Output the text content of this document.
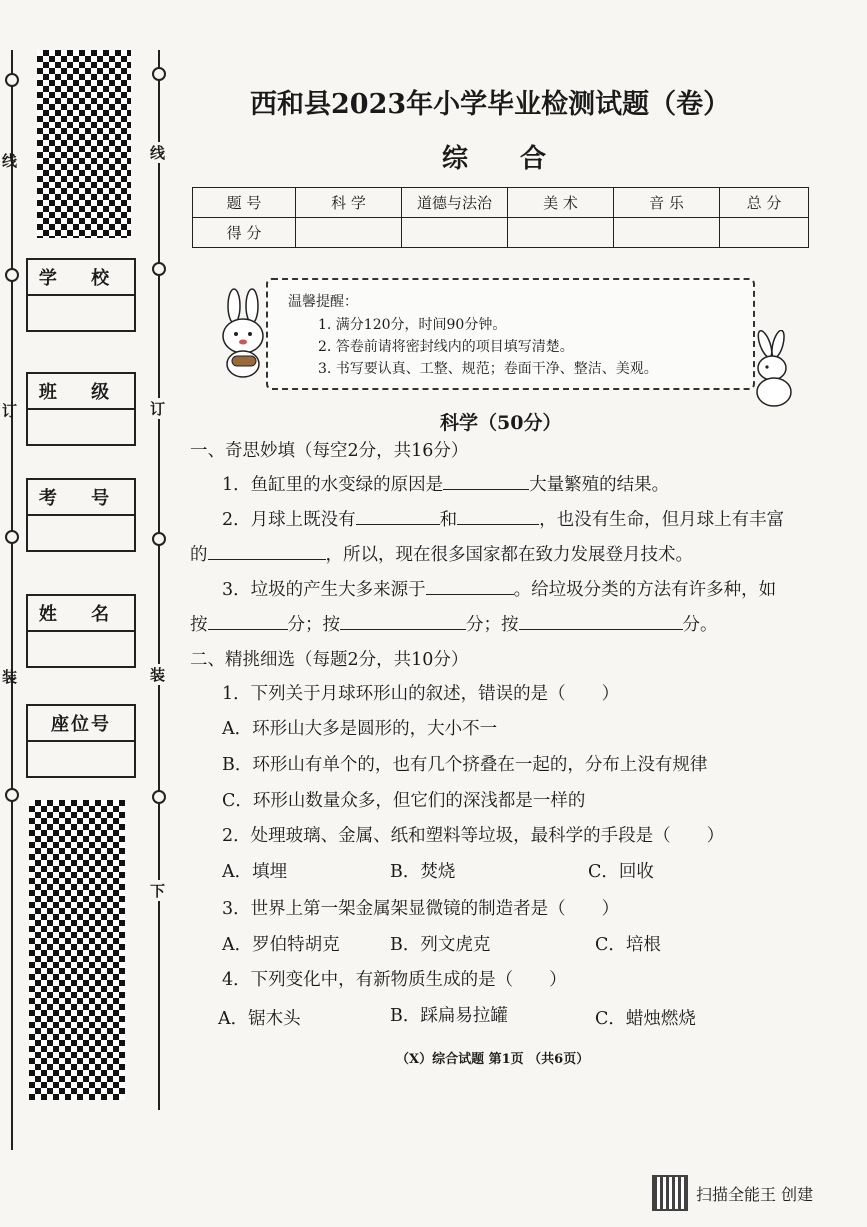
线
订
装
线
订
装
下
学 校
班 级
考 号
姓 名
座位号
西和县2023年小学毕业检测试题（卷）
综　　合
题 号	科 学	道德与法治	美 术	音 乐	总 分
得 分					
温馨提醒：
1. 满分120分，时间90分钟。
2. 答卷前请将密封线内的项目填写清楚。
3. 书写要认真、工整、规范；卷面干净、整洁、美观。
科学（50分）
一、奇思妙填（每空2分，共16分）
1．鱼缸里的水变绿的原因是	大量繁殖的结果。
2．月球上既没有	和	，也没有生命，但月球上有丰富
的	，所以，现在很多国家都在致力发展登月技术。
3．垃圾的产生大多来源于	。给垃圾分类的方法有许多种，如
按	分；按	分；按	分。
二、精挑细选（每题2分，共10分）
1．下列关于月球环形山的叙述，错误的是（ ）
A．环形山大多是圆形的，大小不一
B．环形山有单个的，也有几个挤叠在一起的，分布上没有规律
C．环形山数量众多，但它们的深浅都是一样的
2．处理玻璃、金属、纸和塑料等垃圾，最科学的手段是（ ）
A．填埋	B．焚烧	C．回收
3．世界上第一架金属架显微镜的制造者是（ ）
A．罗伯特胡克	B．列文虎克	C．培根
4．下列变化中，有新物质生成的是（ ）
A．锯木头	B．踩扁易拉罐	C．蜡烛燃烧
（X）综合试题 第1页 （共6页）
扫描全能王 创建
